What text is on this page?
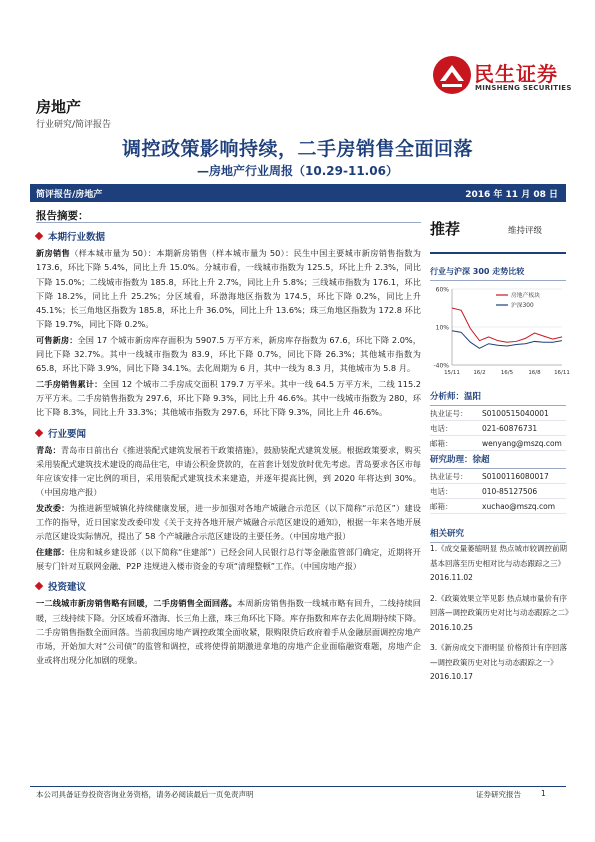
民生证券
MINSHENG SECURITIES
房地产
行业研究/简评报告
调控政策影响持续，二手房销售全面回落
—房地产行业周报（10.29-11.06）
简评报告/房地产	2016 年 11 月 08 日
报告摘要：
本期行业数据

新房销售（样本城市量为 50）：本期新房销售（样本城市量为 50）：民生中国主要城市新房销售指数为 173.6，环比下降 5.4%，同比上升 15.0%。分城市看，一线城市指数为 125.5，环比上升 2.3%，同比下降 15.0%；二线城市指数为 185.8，环比上升 2.7%，同比上升 5.8%；三线城市指数为 176.1，环比下降 18.2%，同比上升 25.2%；分区域看，环渤海地区指数为 174.5，环比下降 0.2%，同比上升 45.1%；长三角地区指数为 185.8，环比上升 36.0%，同比上升 13.6%；珠三角地区指数为 172.8 环比下降 19.7%，同比下降 0.2%。

可售新房：全国 17 个城市新房库存面积为 5907.5 万平方米，新房库存指数为 67.6，环比下降 2.0%，同比下降 32.7%。其中一线城市指数为 83.9，环比下降 0.7%，同比下降 26.3%；其他城市指数为 65.8，环比下降 3.9%，同比下降 34.1%。去化周期为 6 月，其中一线为 8.3 月，其他城市为 5.8 月。

二手房销售累计：全国 12 个城市二手房成交面积 179.7 万平米。其中一线 64.5 万平方米，二线 115.2 万平方米。二手房销售指数为 297.6，环比下降 9.3%，同比上升 46.6%。其中一线城市指数为 280，环比下降 8.3%，同比上升 33.3%；其他城市指数为 297.6，环比下降 9.3%，同比上升 46.6%。

行业要闻

青岛：青岛市日前出台《推进装配式建筑发展若干政策措施》，鼓励装配式建筑发展。根据政策要求，购买采用装配式建筑技术建设的商品住宅，申请公积金贷款的，在首套计划发放时优先考虑。青岛要求各区市每年应该安排一定比例的项目，采用装配式建筑技术来建造，并逐年提高比例，到 2020 年将达到 30%。（中国房地产报）

发改委：为推进新型城镇化持续健康发展，进一步加强对各地产城融合示范区（以下简称“示范区”）建设工作的指导，近日国家发改委印发《关于支持各地开展产城融合示范区建设的通知》，根据一年来各地开展示范区建设实际情况，提出了 58 个产城融合示范区建设的主要任务。（中国房地产报）

住建部：住房和城乡建设部（以下简称“住建部”）已经会同人民银行总行等金融监管部门确定，近期将开展专门针对互联网金融、P2P 违规进入楼市资金的专项“清理整顿”工作。（中国房地产报）

投资建议

一二线城市新房销售略有回暖，二手房销售全面回落。本周新房销售指数一线城市略有回升，二线持续回暖，三线持续下降。分区域看环渤海、长三角上涨，珠三角环比下降。库存指数和库存去化周期持续下降。二手房销售指数全面回落。当前我国房地产调控政策全面收紧，限购限贷后政府着手从金融层面调控房地产市场，开始加大对“公司债”的监管和调控，或将使得前期激进拿地的房地产企业面临融资难题，房地产企业或将出现分化加剧的现象。

推荐	维持评级
行业与沪深 300 走势比较
60%
10%
-40%
15/11 16/2	16/5	16/8 16/11
房地产板块
沪深300
分析师：温阳
执业证号：	S0100515040001
电话：	021-60876731
邮箱：	wenyang@mszq.com
研究助理：徐超
执业证号：	S0100116080017
电话：	010-85127506
邮箱：	xuchao@mszq.com
相关研究
1.《成交量萎缩明显 热点城市较调控前期基本回落至历史相对比与动态跟踪之三》2016.11.02
2.《政策效果立竿见影 热点城市量价有序回落—调控政策历史对比与动态跟踪之二》2016.10.25
3.《新房成交下滑明显 价格预计有序回落—调控政策历史对比与动态跟踪之一》2016.10.17
本公司具备证券投资咨询业务资格，请务必阅读最后一页免责声明	证券研究报告	1
